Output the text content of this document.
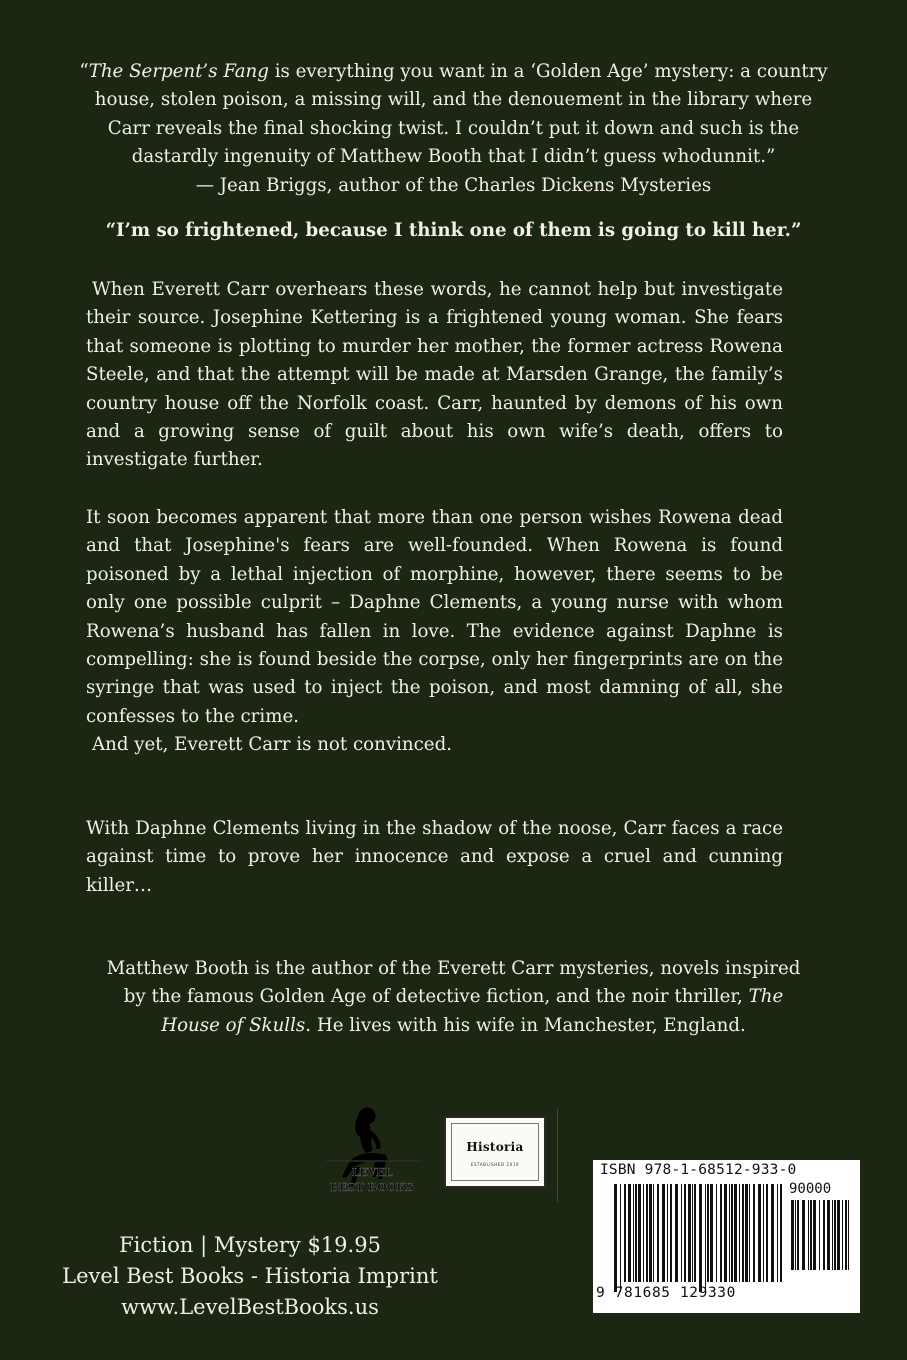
“The Serpent’s Fang is everything you want in a ‘Golden Age’ mystery: a country
house, stolen poison, a missing will, and the denouement in the library where
Carr reveals the final shocking twist. I couldn’t put it down and such is the
dastardly ingenuity of Matthew Booth that I didn’t guess whodunnit.”
— Jean Briggs, author of the Charles Dickens Mysteries
“I’m so frightened, because I think one of them is going to kill her.”
When Everett Carr overhears these words, he cannot help but investigate their source. Josephine Kettering is a frightened young woman. She fears that someone is plotting to murder her mother, the former actress Rowena Steele, and that the attempt will be made at Marsden Grange, the family’s country house off the Norfolk coast. Carr, haunted by demons of his own and a growing sense of guilt about his own wife’s death, offers to investigate further.
It soon becomes apparent that more than one person wishes Rowena dead and that Josephine's fears are well-founded. When Rowena is found poisoned by a lethal injection of morphine, however, there seems to be only one possible culprit – Daphne Clements, a young nurse with whom Rowena’s husband has fallen in love. The evidence against Daphne is compelling: she is found beside the corpse, only her fingerprints are on the syringe that was used to inject the poison, and most damning of all, she confesses to the crime.
And yet, Everett Carr is not convinced.
With Daphne Clements living in the shadow of the noose, Carr faces a race against time to prove her innocence and expose a cruel and cunning killer…
Matthew Booth is the author of the Everett Carr mysteries, novels inspired
by the famous Golden Age of detective fiction, and the noir thriller, The
House of Skulls. He lives with his wife in Manchester, England.
LEVEL
BEST BOOKS
Historia
ESTABLISHED 2019
Fiction | Mystery $19.95
Level Best Books - Historia Imprint
www.LevelBestBooks.us
ISBN 978-1-68512-933-0
90000
9 781685 129330
